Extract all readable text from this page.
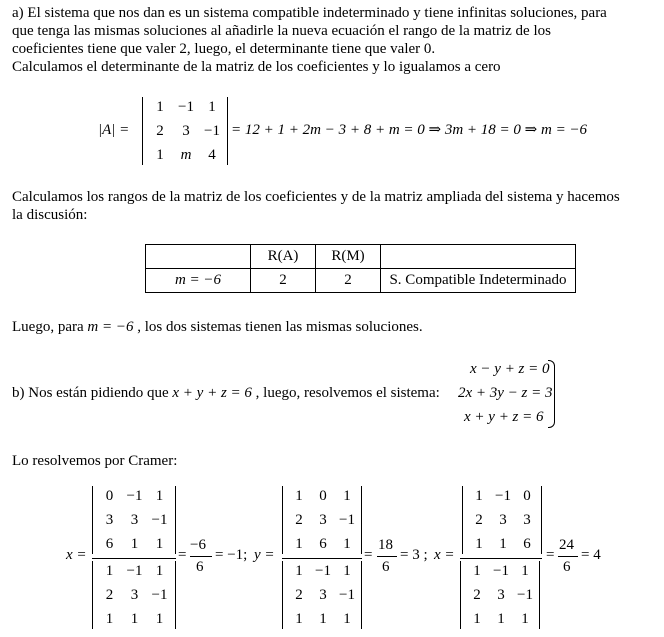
a) El sistema que nos dan es un sistema compatible indeterminado y tiene infinitas soluciones, para
que tenga las mismas soluciones al añadirle la nueva ecuación el rango de la matriz de los
coeficientes tiene que valer 2, luego, el determinante tiene que valer 0.
Calculamos el determinante de la matriz de los coeficientes y lo igualamos a cero
|A| =
1 −1 1
2	3 −1
1	m	4
= 12 + 1 + 2m − 3 + 8 + m = 0 ⇒ 3m + 18 = 0 ⇒ m = −6
Calculamos los rangos de la matriz de los coeficientes y de la matriz ampliada del sistema y hacemos
la discusión:
	R(A)	R(M)	
m = −6	2	2	S. Compatible Indeterminado
Luego, para m = −6 , los dos sistemas tienen las mismas soluciones.
x − y + z = 0
2x + 3y − z = 3
x + y + z = 6
b) Nos están pidiendo que x + y + z = 6 , luego, resolvemos el sistema:
Lo resolvemos por Cramer:
x =
0 −1 1
3	3 −1
6	1	1
1 −1 1
2	3 −1
1	1	1
=
−6
6
= −1; y =
1	0	1
2	3 −1
1	6	1
1 −1 1
2	3 −1
1	1	1
=
18
6
= 3 ; x =
1 −1 0
2	3	3
1	1	6
1 −1 1
2	3 −1
1	1	1
=
24
6
= 4
